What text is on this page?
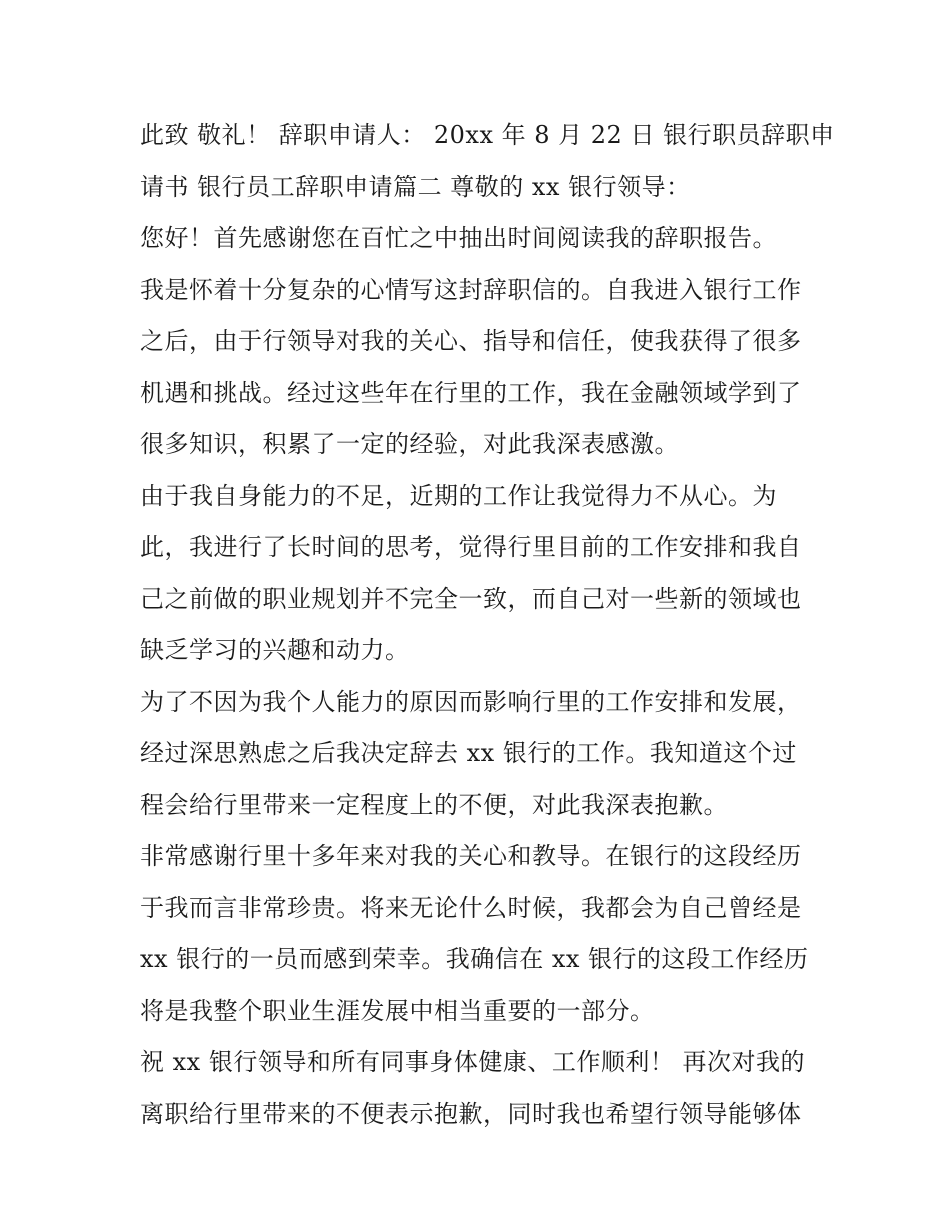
此致 敬礼！ 辞职申请人： 20xx 年 8 月 22 日 银行职员辞职申
请书 银行员工辞职申请篇二 尊敬的 xx 银行领导：
您好！首先感谢您在百忙之中抽出时间阅读我的辞职报告。
我是怀着十分复杂的心情写这封辞职信的。自我进入银行工作
之后，由于行领导对我的关心、指导和信任，使我获得了很多
机遇和挑战。经过这些年在行里的工作，我在金融领域学到了
很多知识，积累了一定的经验，对此我深表感激。
由于我自身能力的不足，近期的工作让我觉得力不从心。为
此，我进行了长时间的思考，觉得行里目前的工作安排和我自
己之前做的职业规划并不完全一致，而自己对一些新的领域也
缺乏学习的兴趣和动力。
为了不因为我个人能力的原因而影响行里的工作安排和发展，
经过深思熟虑之后我决定辞去 xx 银行的工作。我知道这个过
程会给行里带来一定程度上的不便，对此我深表抱歉。
非常感谢行里十多年来对我的关心和教导。在银行的这段经历
于我而言非常珍贵。将来无论什么时候，我都会为自己曾经是
xx 银行的一员而感到荣幸。我确信在 xx 银行的这段工作经历
将是我整个职业生涯发展中相当重要的一部分。
祝 xx 银行领导和所有同事身体健康、工作顺利！ 再次对我的
离职给行里带来的不便表示抱歉，同时我也希望行领导能够体
